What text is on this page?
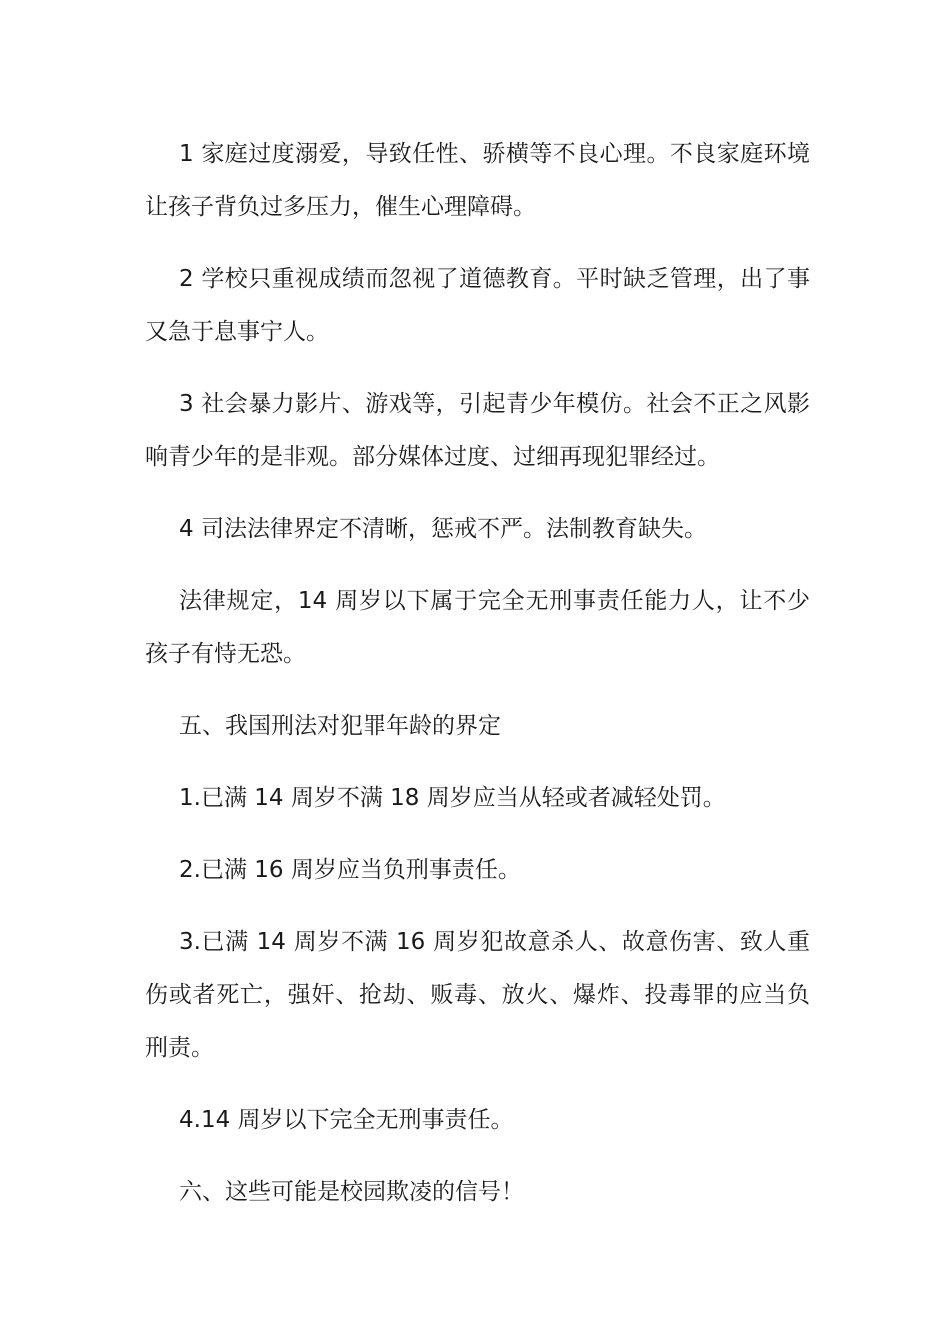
1 家庭过度溺爱，导致任性、骄横等不良心理。不良家庭环境让孩子背负过多压力，催生心理障碍。

2 学校只重视成绩而忽视了道德教育。平时缺乏管理，出了事又急于息事宁人。

3 社会暴力影片、游戏等，引起青少年模仿。社会不正之风影响青少年的是非观。部分媒体过度、过细再现犯罪经过。

4 司法法律界定不清晰，惩戒不严。法制教育缺失。

法律规定，14 周岁以下属于完全无刑事责任能力人，让不少孩子有恃无恐。

五、我国刑法对犯罪年龄的界定

1.已满 14 周岁不满 18 周岁应当从轻或者减轻处罚。

2.已满 16 周岁应当负刑事责任。

3.已满 14 周岁不满 16 周岁犯故意杀人、故意伤害、致人重伤或者死亡，强奸、抢劫、贩毒、放火、爆炸、投毒罪的应当负刑责。

4.14 周岁以下完全无刑事责任。

六、这些可能是校园欺凌的信号！
